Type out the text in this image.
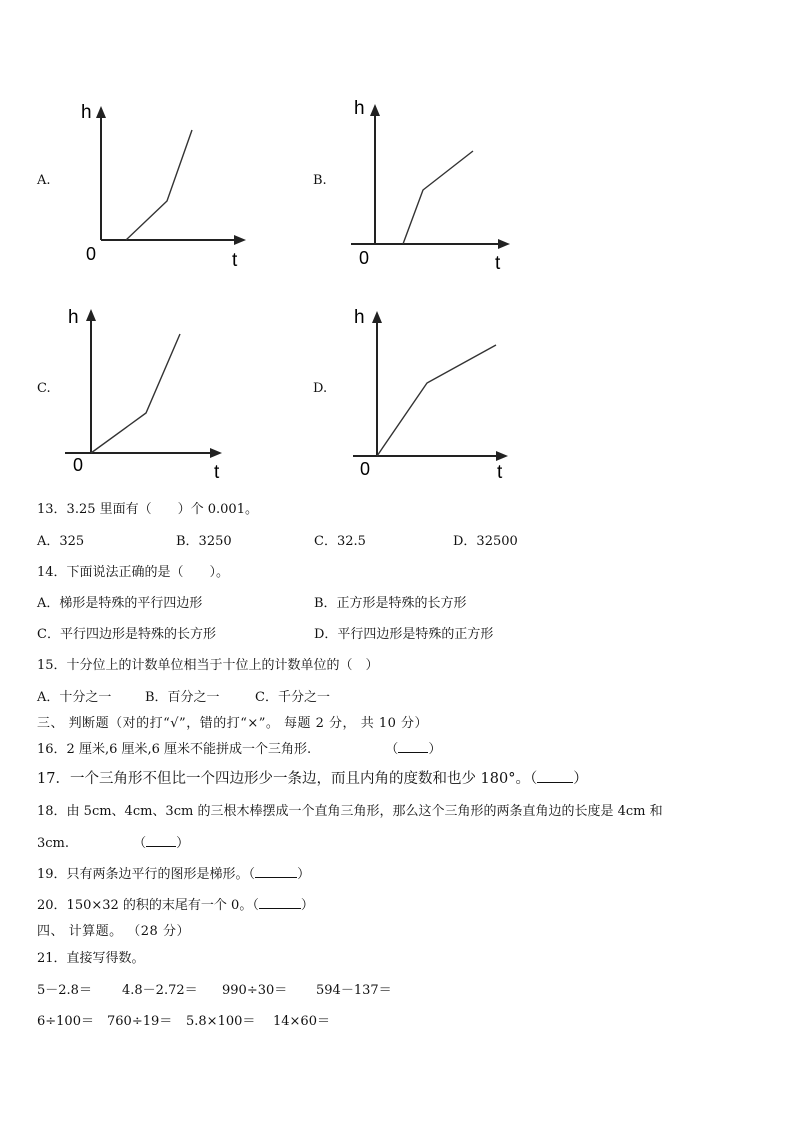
A.
h
0	t
B.
h
0	t
C.
h
0	t
D.
h
0	t
13．3.25 里面有（　　）个 0.001。
A．325	B．3250	C．32.5	D．32500
14．下面说法正确的是（　　）。
A．梯形是特殊的平行四边形	B．正方形是特殊的长方形
C．平行四边形是特殊的长方形	D．平行四边形是特殊的正方形
15．十分位上的计数单位相当于十位上的计数单位的（　）
A．十分之一	B．百分之一	C．千分之一
三、 判断题（对的打“√”，错的打“×”。 每题 2 分， 共 10 分）
16．2 厘米,6 厘米,6 厘米不能拼成一个三角形.	（ ）
17．一个三角形不但比一个四边形少一条边，而且内角的度数和也少 180°。（ ）
18．由 5cm、4cm、3cm 的三根木棒摆成一个直角三角形，那么这个三角形的两条直角边的长度是 4cm 和
3cm.	（ ）
19．只有两条边平行的图形是梯形。（	）
20．150×32 的积的末尾有一个 0。（	）
四、 计算题。 （28 分）
21．直接写得数。
5－2.8＝ 4.8－2.72＝ 990÷30＝ 594－137＝
6÷100＝ 760÷19＝ 5.8×100＝ 14×60＝
